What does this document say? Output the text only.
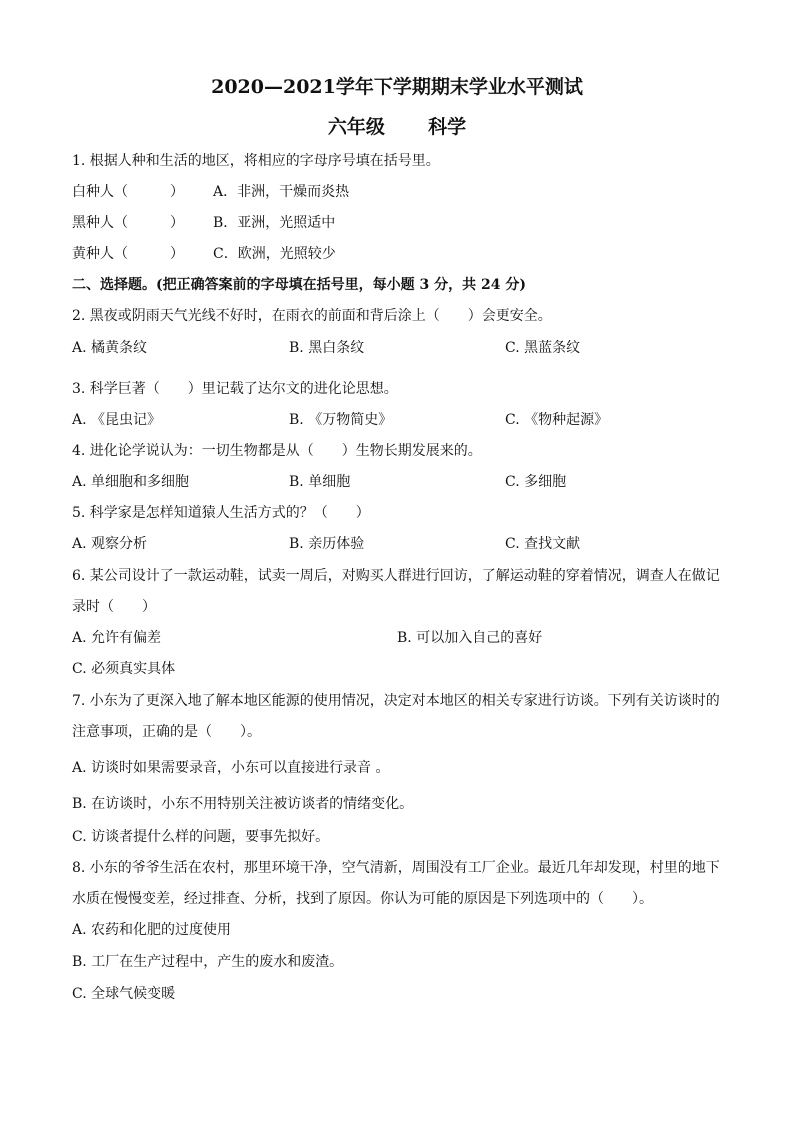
2020—2021学年下学期期末学业水平测试
六年级 科学
1. 根据人种和生活的地区，将相应的字母序号填在括号里。
白种人（　　　） A．非洲，干燥而炎热
黑种人（　　　） B．亚洲，光照适中
黄种人（　　　） C．欧洲，光照较少
二、选择题。(把正确答案前的字母填在括号里，每小题 3 分，共 24 分)
2. 黑夜或阴雨天气光线不好时，在雨衣的前面和背后涂上（　　）会更安全。
A. 橘黄条纹	B. 黑白条纹	C. 黑蓝条纹
3. 科学巨著（　　）里记载了达尔文的进化论思想。
A. 《昆虫记》	B. 《万物简史》	C. 《物种起源》
4. 进化论学说认为：一切生物都是从（　　）生物长期发展来的。
A. 单细胞和多细胞	B. 单细胞	C. 多细胞
5. 科学家是怎样知道猿人生活方式的？（　　）
A. 观察分析	B. 亲历体验	C. 查找文献
6. 某公司设计了一款运动鞋，试卖一周后，对购买人群进行回访，了解运动鞋的穿着情况，调查人在做记
录时（　　）
A. 允许有偏差	B. 可以加入自己的喜好
C. 必须真实具体
7. 小东为了更深入地了解本地区能源的使用情况，决定对本地区的相关专家进行访谈。下列有关访谈时的
注意事项，正确的是（　　）。
A. 访谈时如果需要录音，小东可以直接进行录音 。
B. 在访谈时，小东不用特别关注被访谈者的情绪变化。
C. 访谈者提什么样的问题，要事先拟好。
8. 小东的爷爷生活在农村，那里环境干净，空气清新，周围没有工厂企业。最近几年却发现，村里的地下
水质在慢慢变差，经过排查、分析，找到了原因。你认为可能的原因是下列选项中的（　　）。
A. 农药和化肥的过度使用
B. 工厂在生产过程中，产生的废水和废渣。
C. 全球气候变暖
